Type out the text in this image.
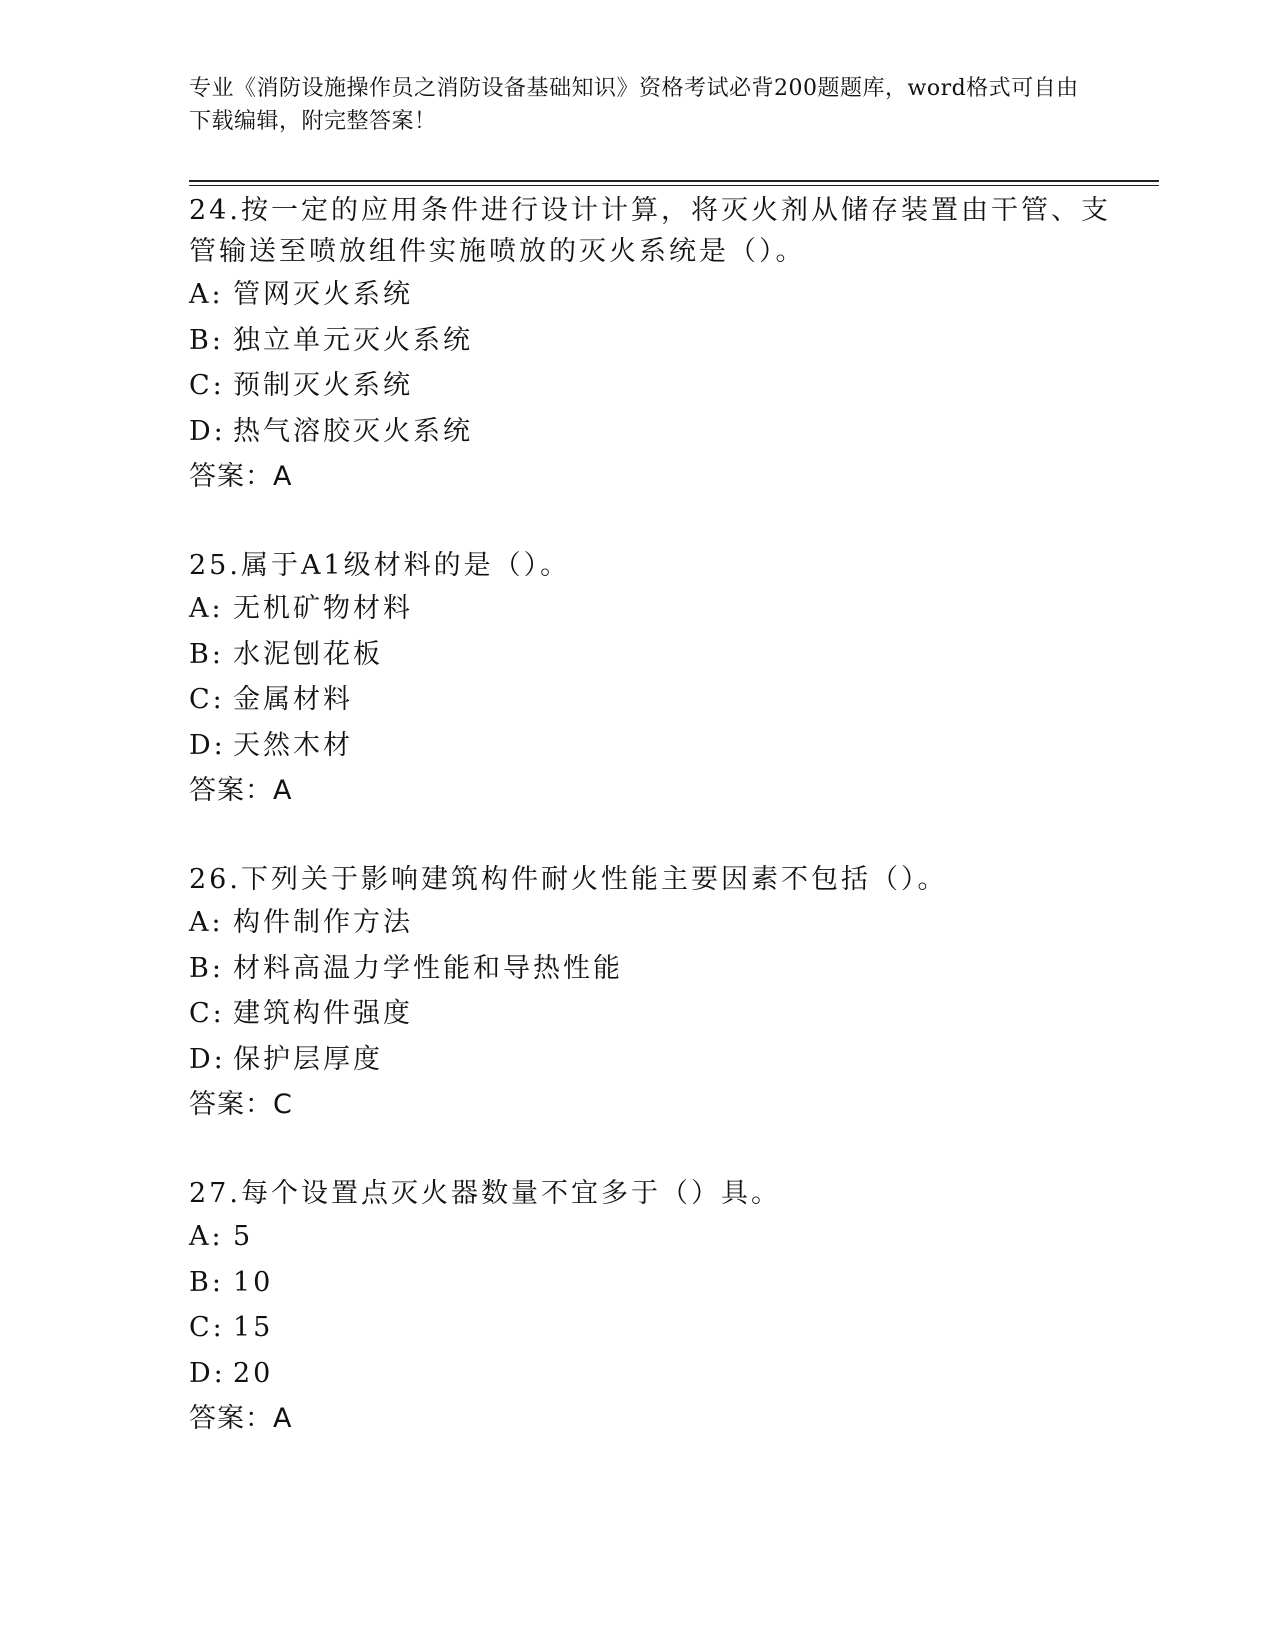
专业《消防设施操作员之消防设备基础知识》资格考试必背200题题库，word格式可自由下载编辑，附完整答案！
24.按一定的应用条件进行设计计算，将灭火剂从储存装置由干管、支管输送至喷放组件实施喷放的灭火系统是（）。
A: 管网灭火系统
B: 独立单元灭火系统
C: 预制灭火系统
D: 热气溶胶灭火系统
答案：A
25.属于A1级材料的是（）。
A: 无机矿物材料
B: 水泥刨花板
C: 金属材料
D: 天然木材
答案：A
26.下列关于影响建筑构件耐火性能主要因素不包括（）。
A: 构件制作方法
B: 材料高温力学性能和导热性能
C: 建筑构件强度
D: 保护层厚度
答案：C
27.每个设置点灭火器数量不宜多于（）具。
A: 5
B: 10
C: 15
D: 20
答案：A
